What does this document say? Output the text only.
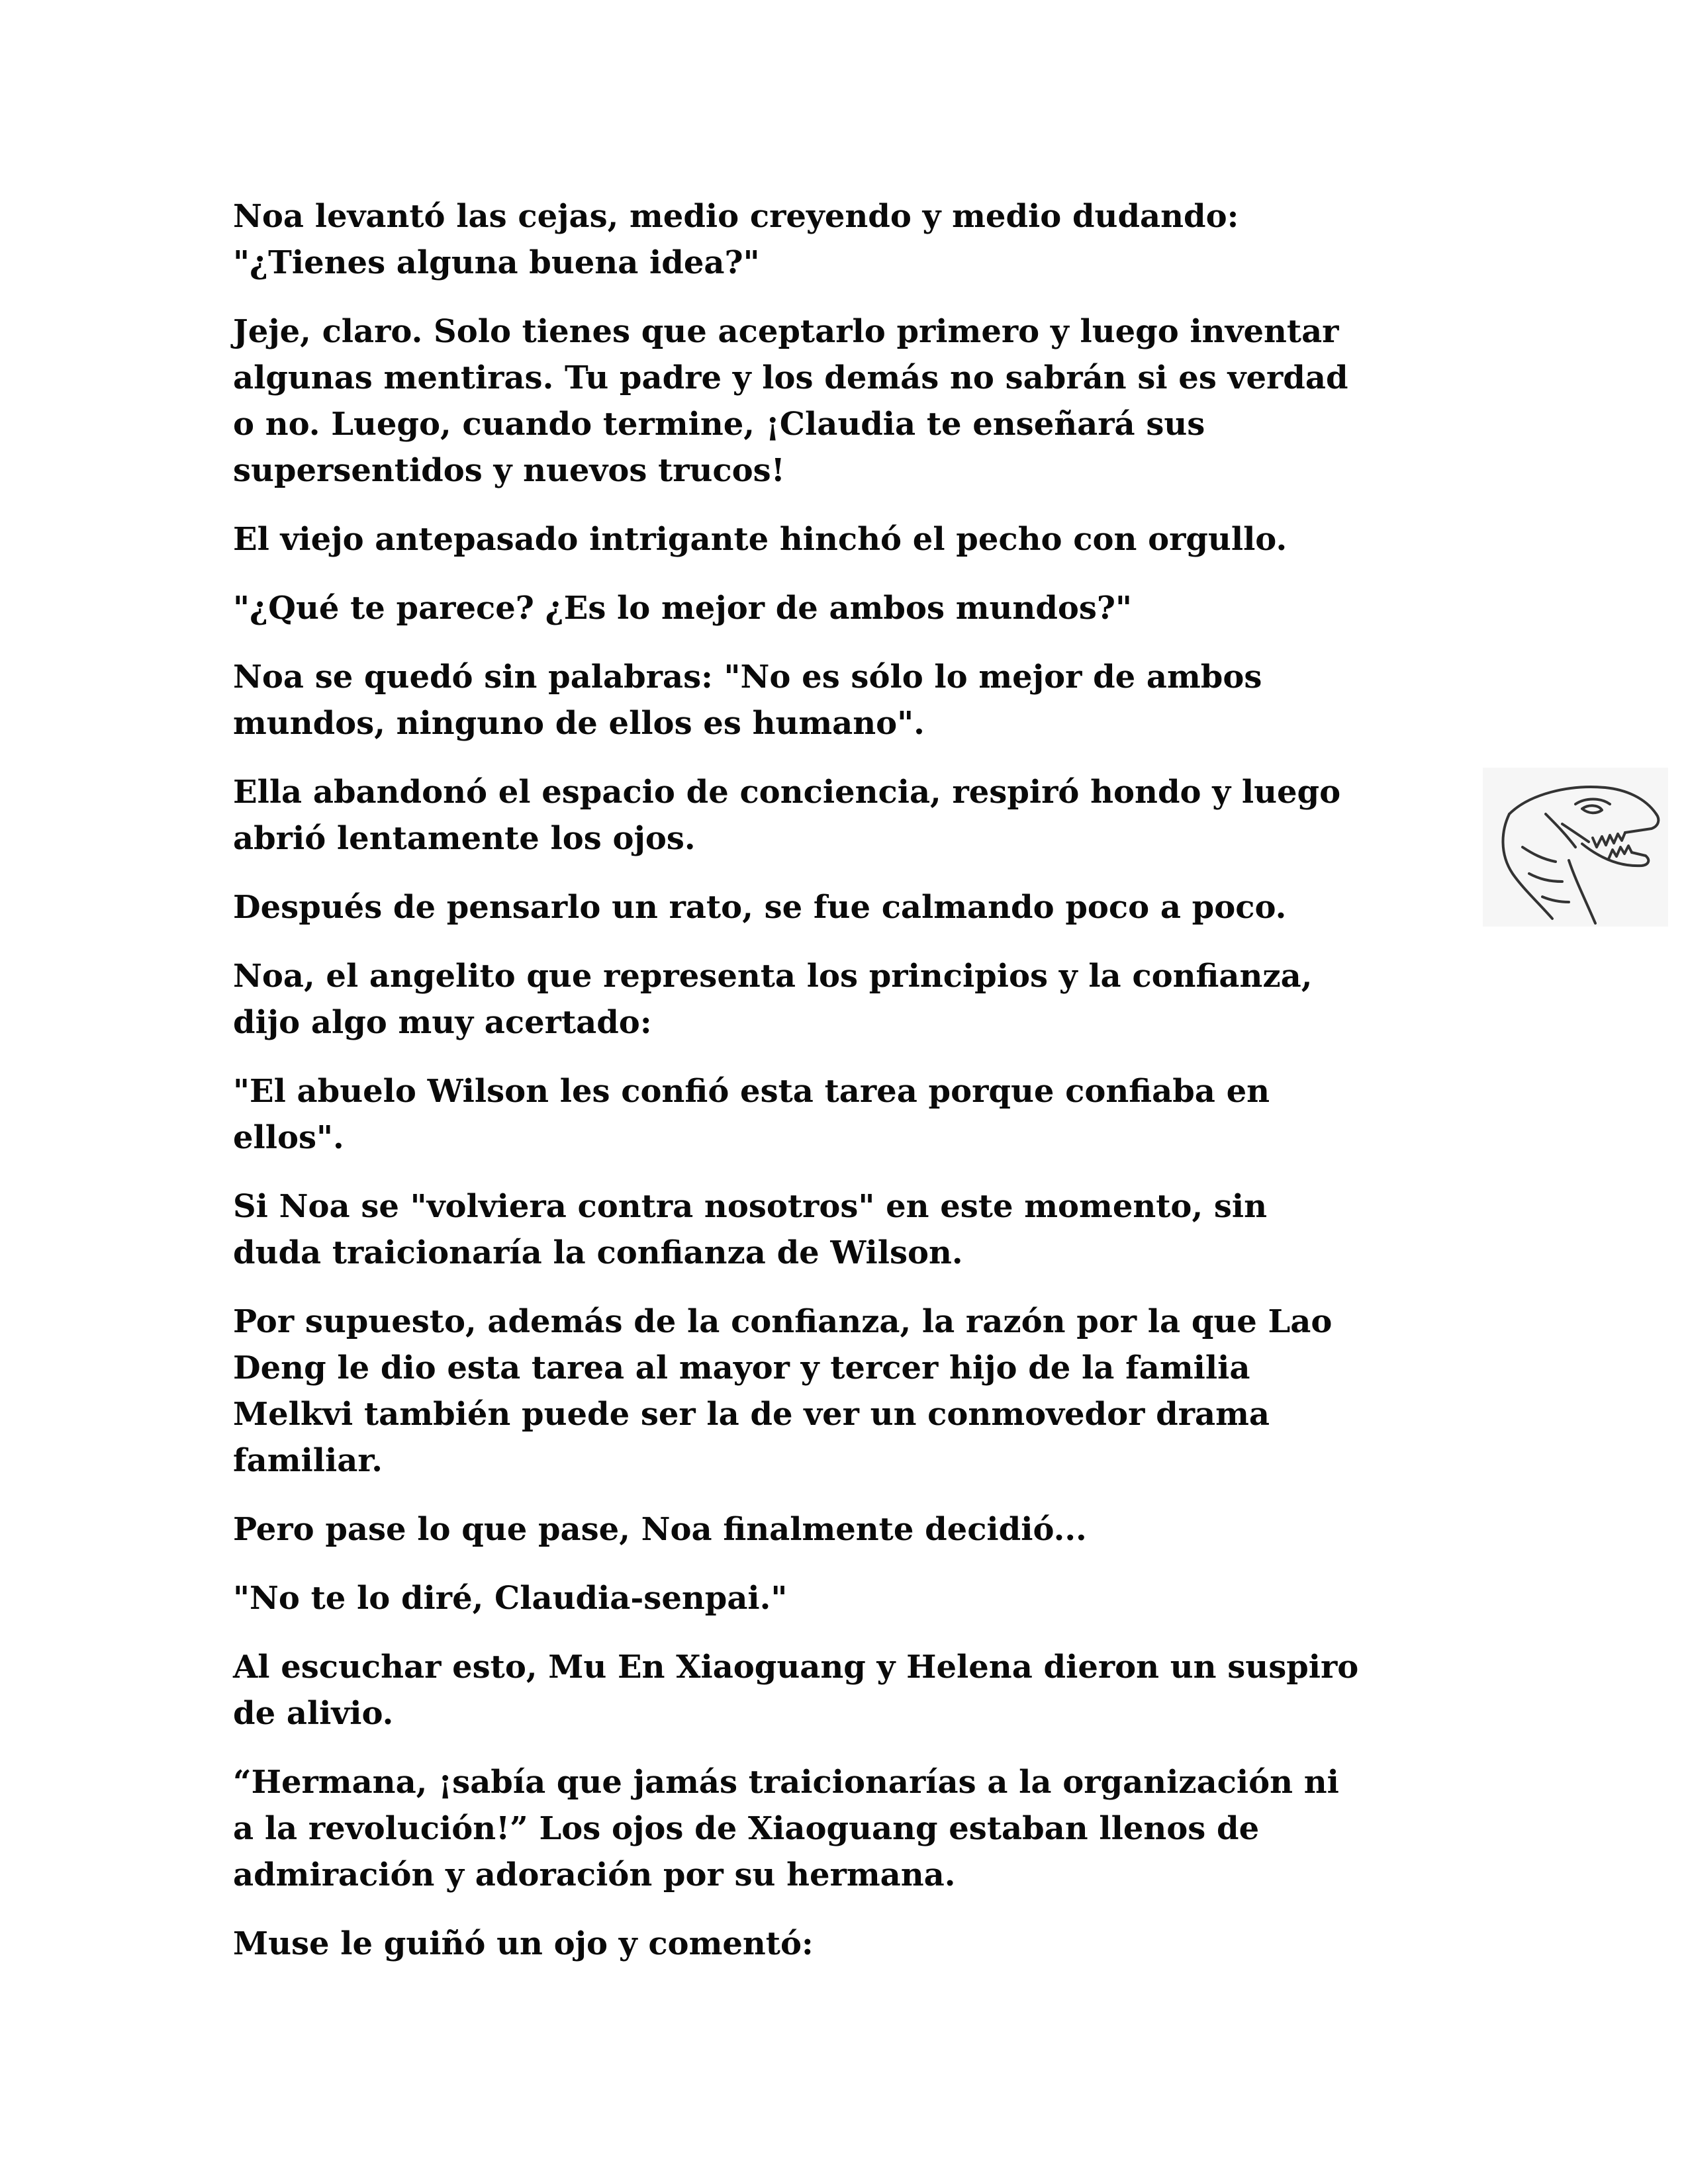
Noa levantó las cejas, medio creyendo y medio dudando:
"¿Tienes alguna buena idea?"

Jeje, claro. Solo tienes que aceptarlo primero y luego inventar
algunas mentiras. Tu padre y los demás no sabrán si es verdad
o no. Luego, cuando termine, ¡Claudia te enseñará sus
supersentidos y nuevos trucos!

El viejo antepasado intrigante hinchó el pecho con orgullo.

"¿Qué te parece? ¿Es lo mejor de ambos mundos?"

Noa se quedó sin palabras: "No es sólo lo mejor de ambos
mundos, ninguno de ellos es humano".

Ella abandonó el espacio de conciencia, respiró hondo y luego
abrió lentamente los ojos.

Después de pensarlo un rato, se fue calmando poco a poco.

Noa, el angelito que representa los principios y la confianza,
dijo algo muy acertado:

"El abuelo Wilson les confió esta tarea porque confiaba en
ellos".

Si Noa se "volviera contra nosotros" en este momento, sin
duda traicionaría la confianza de Wilson.

Por supuesto, además de la confianza, la razón por la que Lao
Deng le dio esta tarea al mayor y tercer hijo de la familia
Melkvi también puede ser la de ver un conmovedor drama
familiar.

Pero pase lo que pase, Noa finalmente decidió...

"No te lo diré, Claudia-senpai."

Al escuchar esto, Mu En Xiaoguang y Helena dieron un suspiro
de alivio.

“Hermana, ¡sabía que jamás traicionarías a la organización ni
a la revolución!” Los ojos de Xiaoguang estaban llenos de
admiración y adoración por su hermana.

Muse le guiñó un ojo y comentó:
